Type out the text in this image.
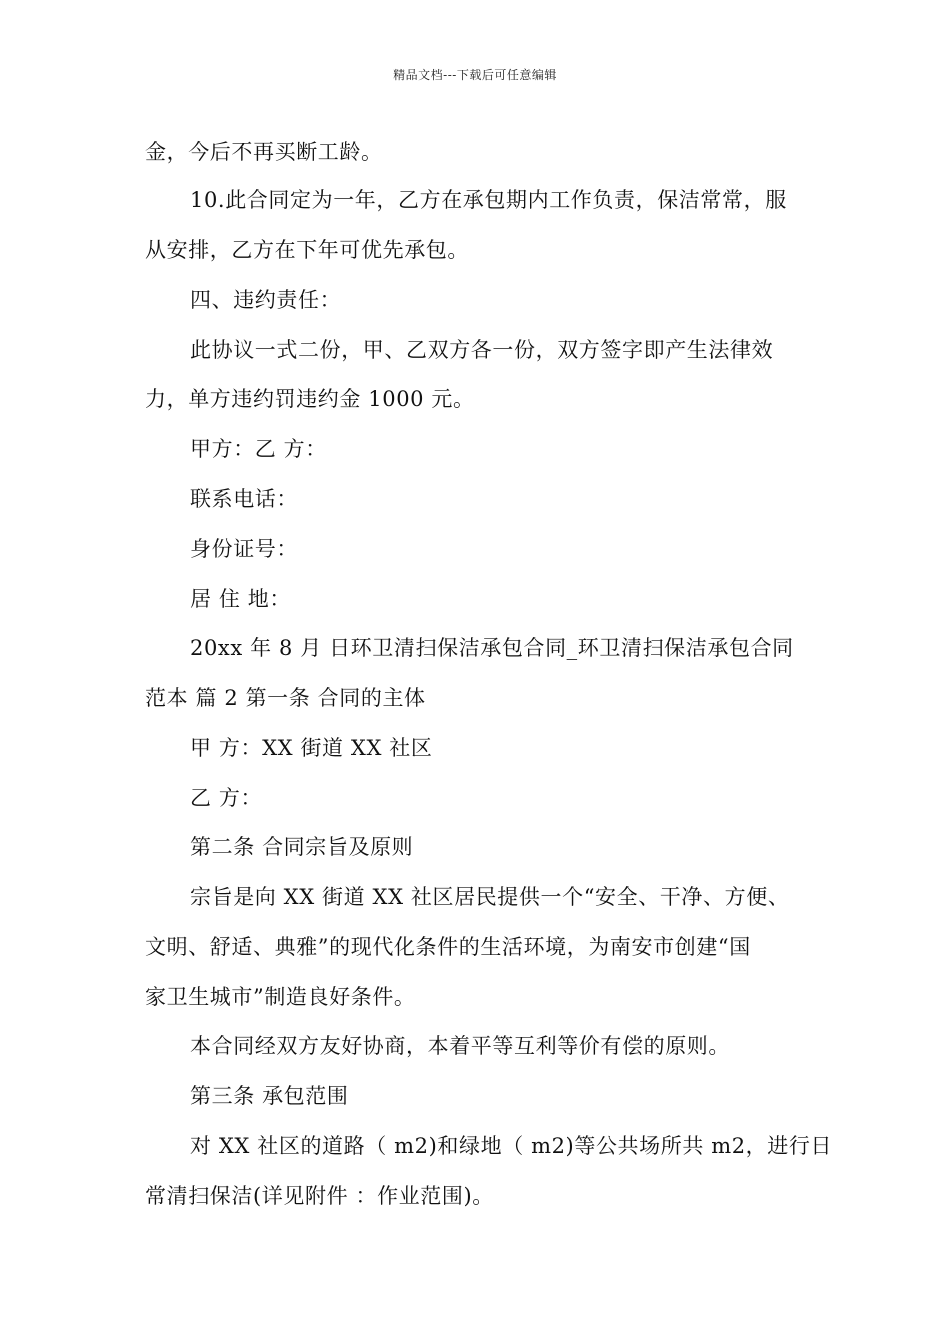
精品文档---下载后可任意编辑
金，今后不再买断工龄。
10.此合同定为一年，乙方在承包期内工作负责，保洁常常，服
从安排，乙方在下年可优先承包。
四、违约责任：
此协议一式二份，甲、乙双方各一份，双方签字即产生法律效
力，单方违约罚违约金 1000 元。
甲方：乙 方：
联系电话：
身份证号：
居 住 地：
20xx 年 8 月 日环卫清扫保洁承包合同_环卫清扫保洁承包合同
范本 篇 2 第一条 合同的主体
甲 方：XX 街道 XX 社区
乙 方：
第二条 合同宗旨及原则
宗旨是向 XX 街道 XX 社区居民提供一个“安全、干净、方便、
文明、舒适、典雅”的现代化条件的生活环境，为南安市创建“国
家卫生城市”制造良好条件。
本合同经双方友好协商，本着平等互利等价有偿的原则。
第三条 承包范围
对 XX 社区的道路（ m2)和绿地（ m2)等公共场所共 m2，进行日
常清扫保洁(详见附件 ：作业范围)。
